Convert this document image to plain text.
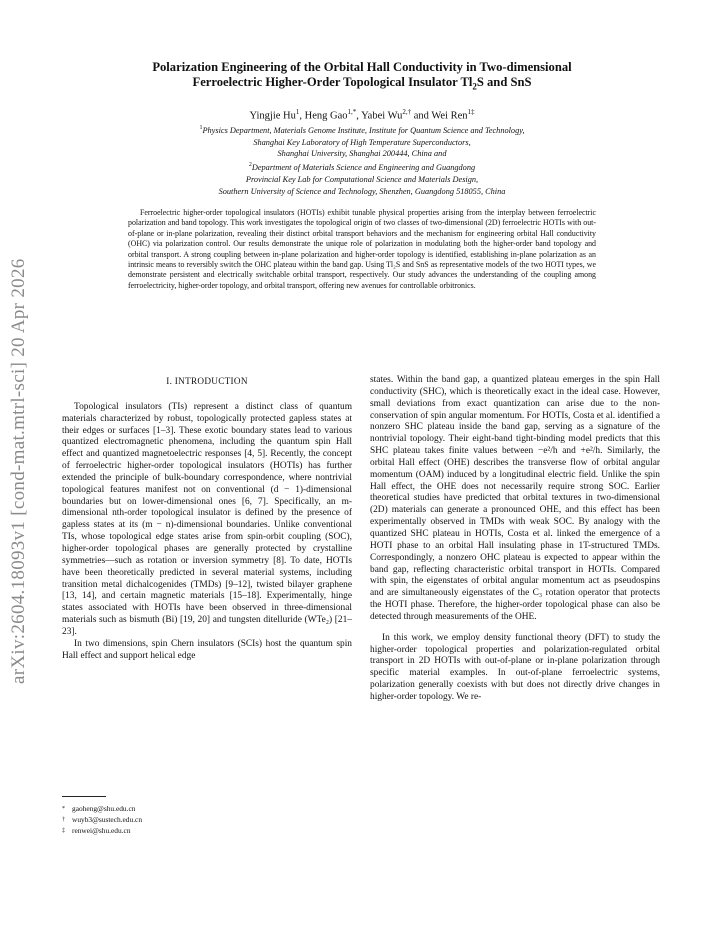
arXiv:2604.18093v1 [cond-mat.mtrl-sci] 20 Apr 2026
Polarization Engineering of the Orbital Hall Conductivity in Two-dimensional
Ferroelectric Higher-Order Topological Insulator $Tl_2S$ and SnS
Yingjie Hu$^1$, Heng Gao$^{1,*}$, Yabei $Wu^{2,\dagger}$ and Wei Ren$^{1\ddagger}$
$^1$Physics Department, Materials Genome Institute, Institute for Quantum Science and Technology,
Shanghai Key Laboratory of High Temperature Superconductors,
Shanghai University, Shanghai 200444, China and
$^2$Department of Materials Science and Engineering and Guangdong
Provincial Key Lab for Computational Science and Materials Design,
Southern University of Science and Technology, Shenzhen, Guangdong 518055, China
Ferroelectric higher-order topological insulators (HOTIs) exhibit tunable physical properties arising from the interplay between ferroelectric polarization and band topology. This work investigates the topological origin of two classes of two-dimensional (2D) ferroelectric HOTIs with out-of-plane or in-plane polarization, revealing their distinct orbital transport behaviors and the mechanism for engineering orbital Hall conductivity (OHC) via polarization control. Our results demonstrate the unique role of polarization in modulating both the higher-order band topology and orbital transport. A strong coupling between in-plane polarization and higher-order topology is identified, establishing in-plane polarization as an intrinsic means to reversibly switch the OHC plateau within the band gap. Using Tl₂S and SnS as representative models of the two HOTI types, we demonstrate persistent and electrically switchable orbital transport, respectively. Our study advances the understanding of the coupling among ferroelectricity, higher-order topology, and orbital transport, offering new avenues for controllable orbitronics.
I. INTRODUCTION

Topological insulators (TIs) represent a distinct class of quantum materials characterized by robust, topologically protected gapless states at their edges or surfaces [1–3]. These exotic boundary states lead to various quantized electromagnetic phenomena, including the quantum spin Hall effect and quantized magnetoelectric responses [4, 5]. Recently, the concept of ferroelectric higher-order topological insulators (HOTIs) has further extended the principle of bulk-boundary correspondence, where nontrivial topological features manifest not on conventional (d − 1)-dimensional boundaries but on lower-dimensional ones [6, 7]. Specifically, an m-dimensional nth-order topological insulator is defined by the presence of gapless states at its (m − n)-dimensional boundaries. Unlike conventional TIs, whose topological edge states arise from spin-orbit coupling (SOC), higher-order topological phases are generally protected by crystalline symmetries—such as rotation or inversion symmetry [8]. To date, HOTIs have been theoretically predicted in several material systems, including transition metal dichalcogenides (TMDs) [9–12], twisted bilayer graphene [13, 14], and certain magnetic materials [15–18]. Experimentally, hinge states associated with HOTIs have been observed in three-dimensional materials such as bismuth (Bi) [19, 20] and tungsten ditelluride (WTe₂) [21–23].

In two dimensions, spin Chern insulators (SCIs) host the quantum spin Hall effect and support helical edge

states. Within the band gap, a quantized plateau emerges in the spin Hall conductivity (SHC), which is theoretically exact in the ideal case. However, small deviations from exact quantization can arise due to the non-conservation of spin angular momentum. For HOTIs, Costa et al. identified a nonzero SHC plateau inside the band gap, serving as a signature of the nontrivial topology. Their eight-band tight-binding model predicts that this SHC plateau takes finite values between −e²/h and +e²/h. Similarly, the orbital Hall effect (OHE) describes the transverse flow of orbital angular momentum (OAM) induced by a longitudinal electric field. Unlike the spin Hall effect, the OHE does not necessarily require strong SOC. Earlier theoretical studies have predicted that orbital textures in two-dimensional (2D) materials can generate a pronounced OHE, and this effect has been experimentally observed in TMDs with weak SOC. By analogy with the quantized SHC plateau in HOTIs, Costa et al. linked the emergence of a HOTI phase to an orbital Hall insulating phase in 1T-structured TMDs. Correspondingly, a nonzero OHC plateau is expected to appear within the band gap, reflecting characteristic orbital transport in HOTIs. Compared with spin, the eigenstates of orbital angular momentum act as pseudospins and are simultaneously eigenstates of the C₃ rotation operator that protects the HOTI phase. Therefore, the higher-order topological phase can also be detected through measurements of the OHE.

In this work, we employ density functional theory (DFT) to study the higher-order topological properties and polarization-regulated orbital transport in 2D HOTIs with out-of-plane or in-plane polarization through specific material examples. In out-of-plane ferroelectric systems, polarization generally coexists with but does not directly drive changes in higher-order topology. We re-

* gaoheng@shu.edu.cn
† wuyb3@sustech.edu.cn
‡ renwei@shu.edu.cn
